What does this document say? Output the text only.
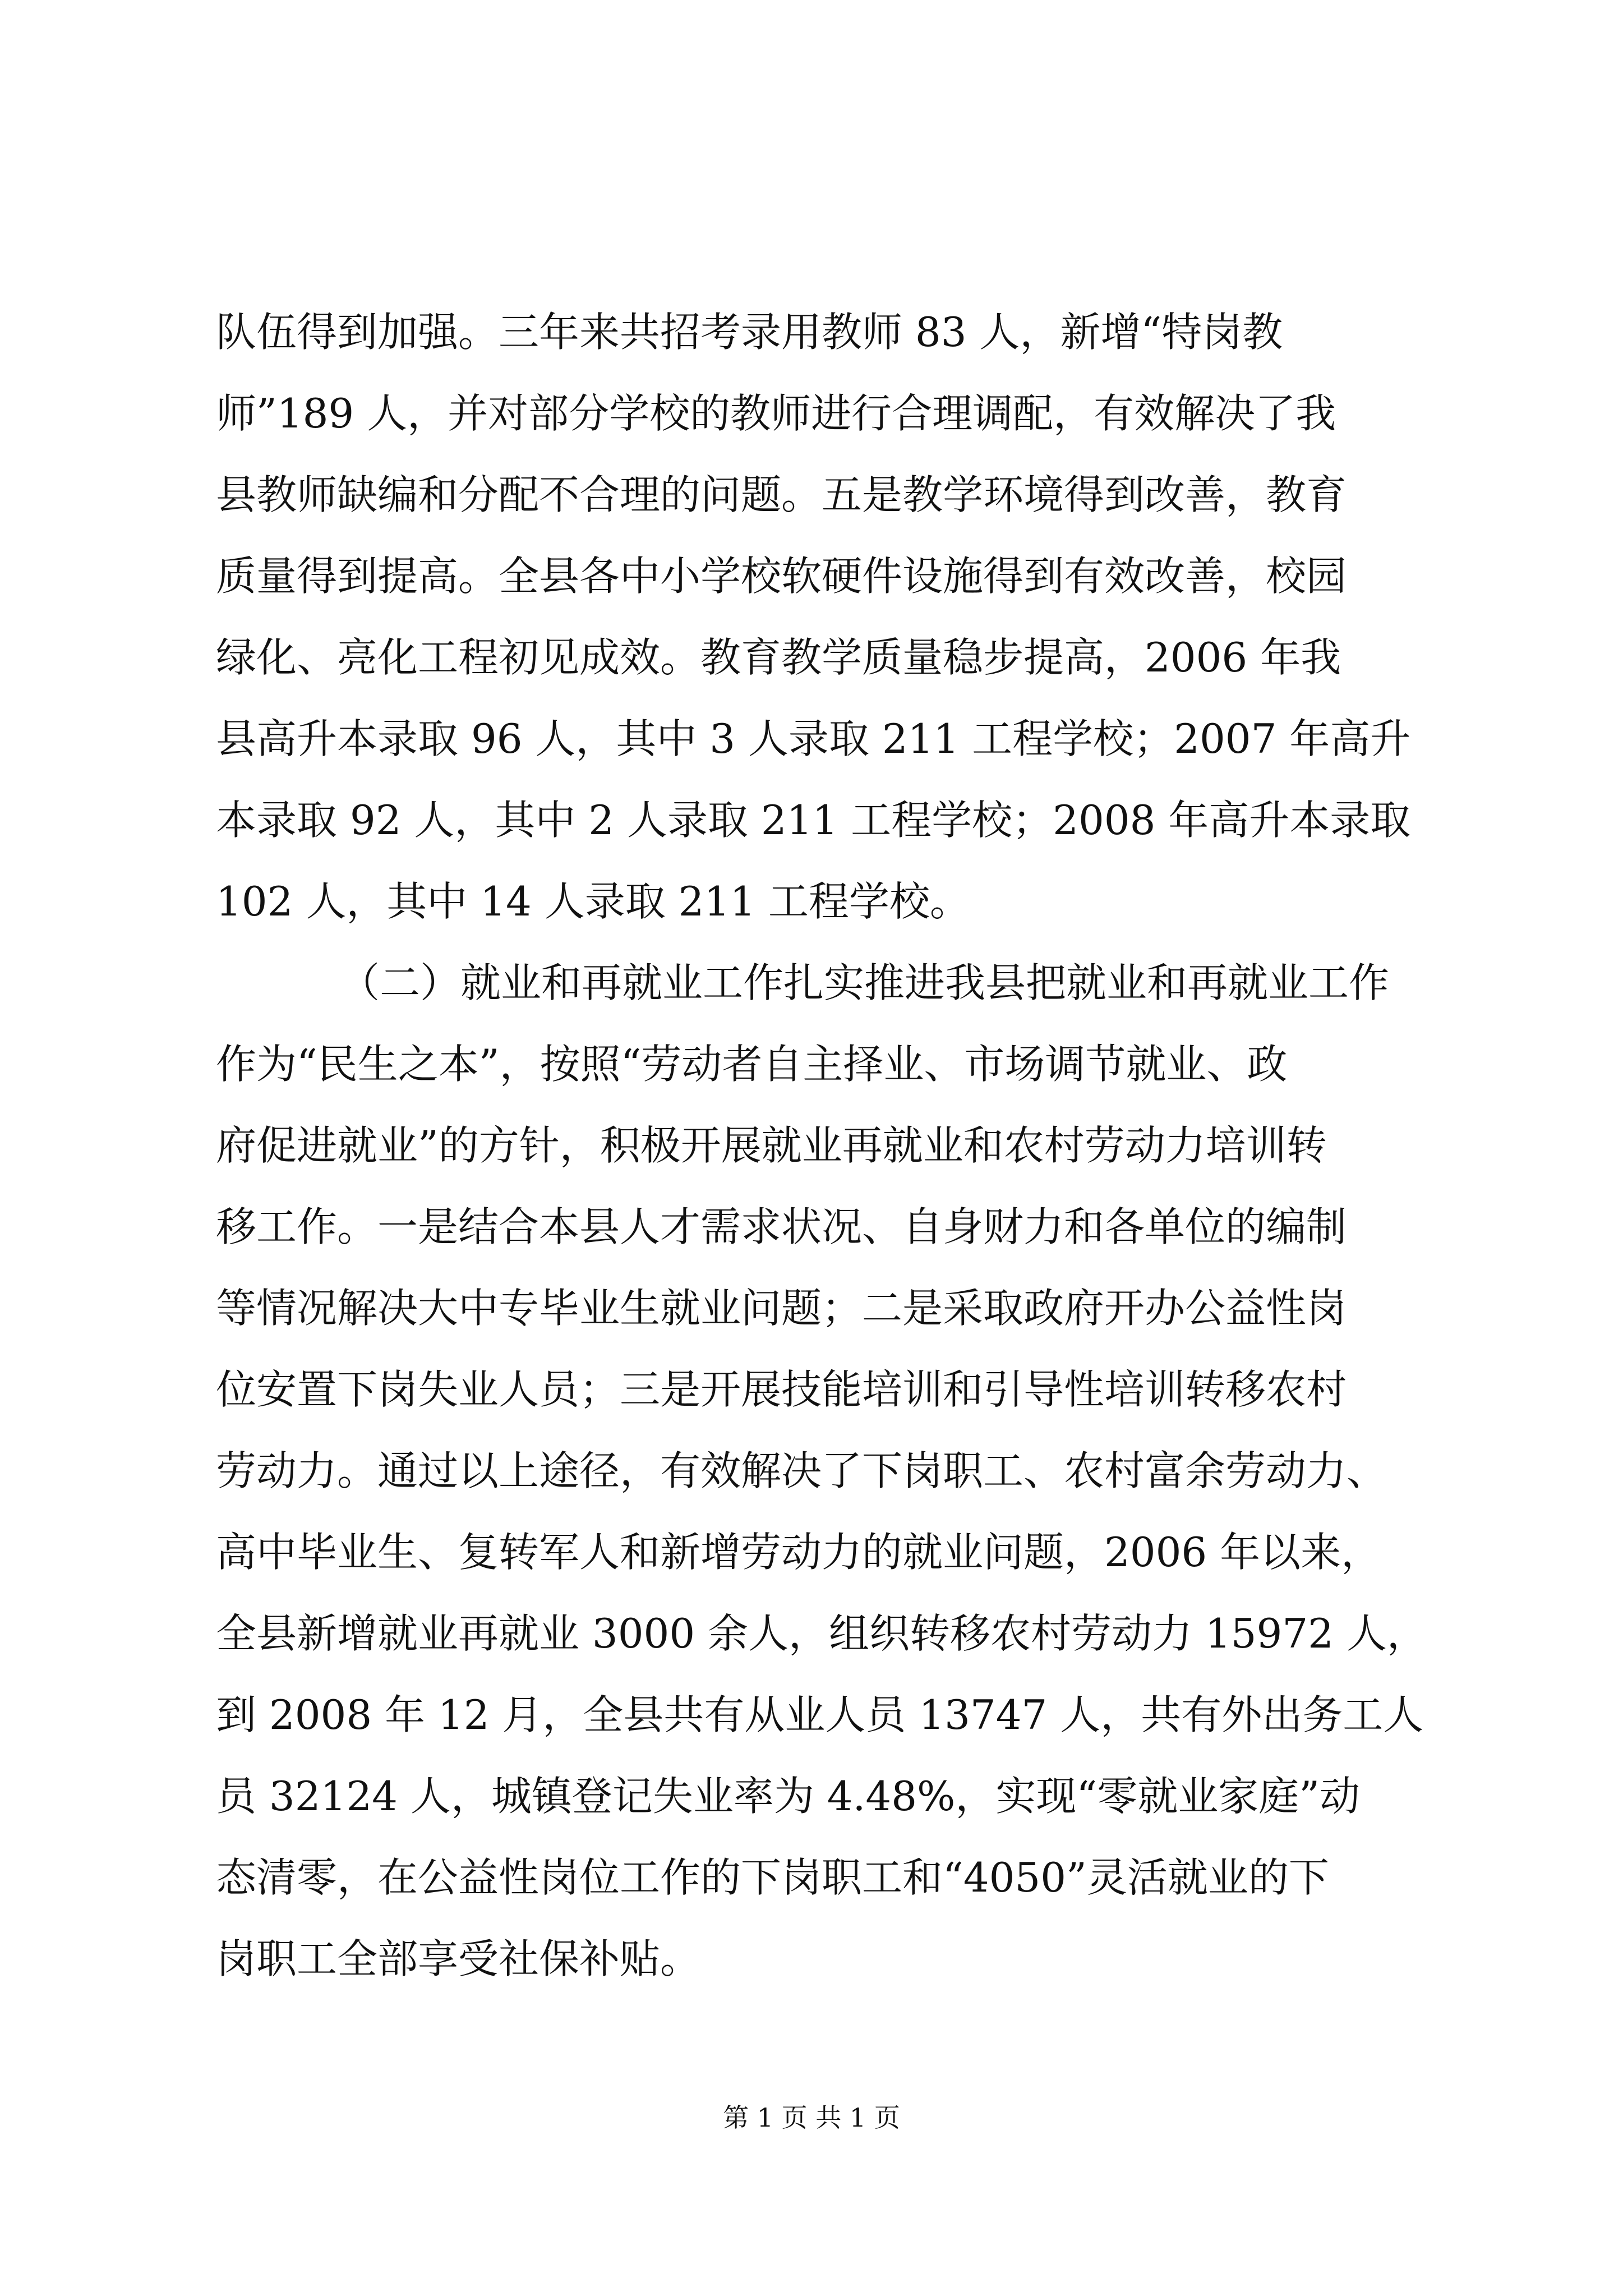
队伍得到加强。三年来共招考录用教师 83 人，新增“特岗教
师”189 人，并对部分学校的教师进行合理调配，有效解决了我
县教师缺编和分配不合理的问题。五是教学环境得到改善，教育
质量得到提高。全县各中小学校软硬件设施得到有效改善，校园
绿化、亮化工程初见成效。教育教学质量稳步提高，2006 年我
县高升本录取 96 人，其中 3 人录取 211 工程学校；2007 年高升
本录取 92 人，其中 2 人录取 211 工程学校；2008 年高升本录取
102 人，其中 14 人录取 211 工程学校。
（二）就业和再就业工作扎实推进我县把就业和再就业工作
作为“民生之本”，按照“劳动者自主择业、市场调节就业、政
府促进就业”的方针，积极开展就业再就业和农村劳动力培训转
移工作。一是结合本县人才需求状况、自身财力和各单位的编制
等情况解决大中专毕业生就业问题；二是采取政府开办公益性岗
位安置下岗失业人员；三是开展技能培训和引导性培训转移农村
劳动力。通过以上途径，有效解决了下岗职工、农村富余劳动力、
高中毕业生、复转军人和新增劳动力的就业问题，2006 年以来，
全县新增就业再就业 3000 余人，组织转移农村劳动力 15972 人，
到 2008 年 12 月，全县共有从业人员 13747 人，共有外出务工人
员 32124 人，城镇登记失业率为 4.48%，实现“零就业家庭”动
态清零，在公益性岗位工作的下岗职工和“4050”灵活就业的下
岗职工全部享受社保补贴。
第 1 页 共 1 页
